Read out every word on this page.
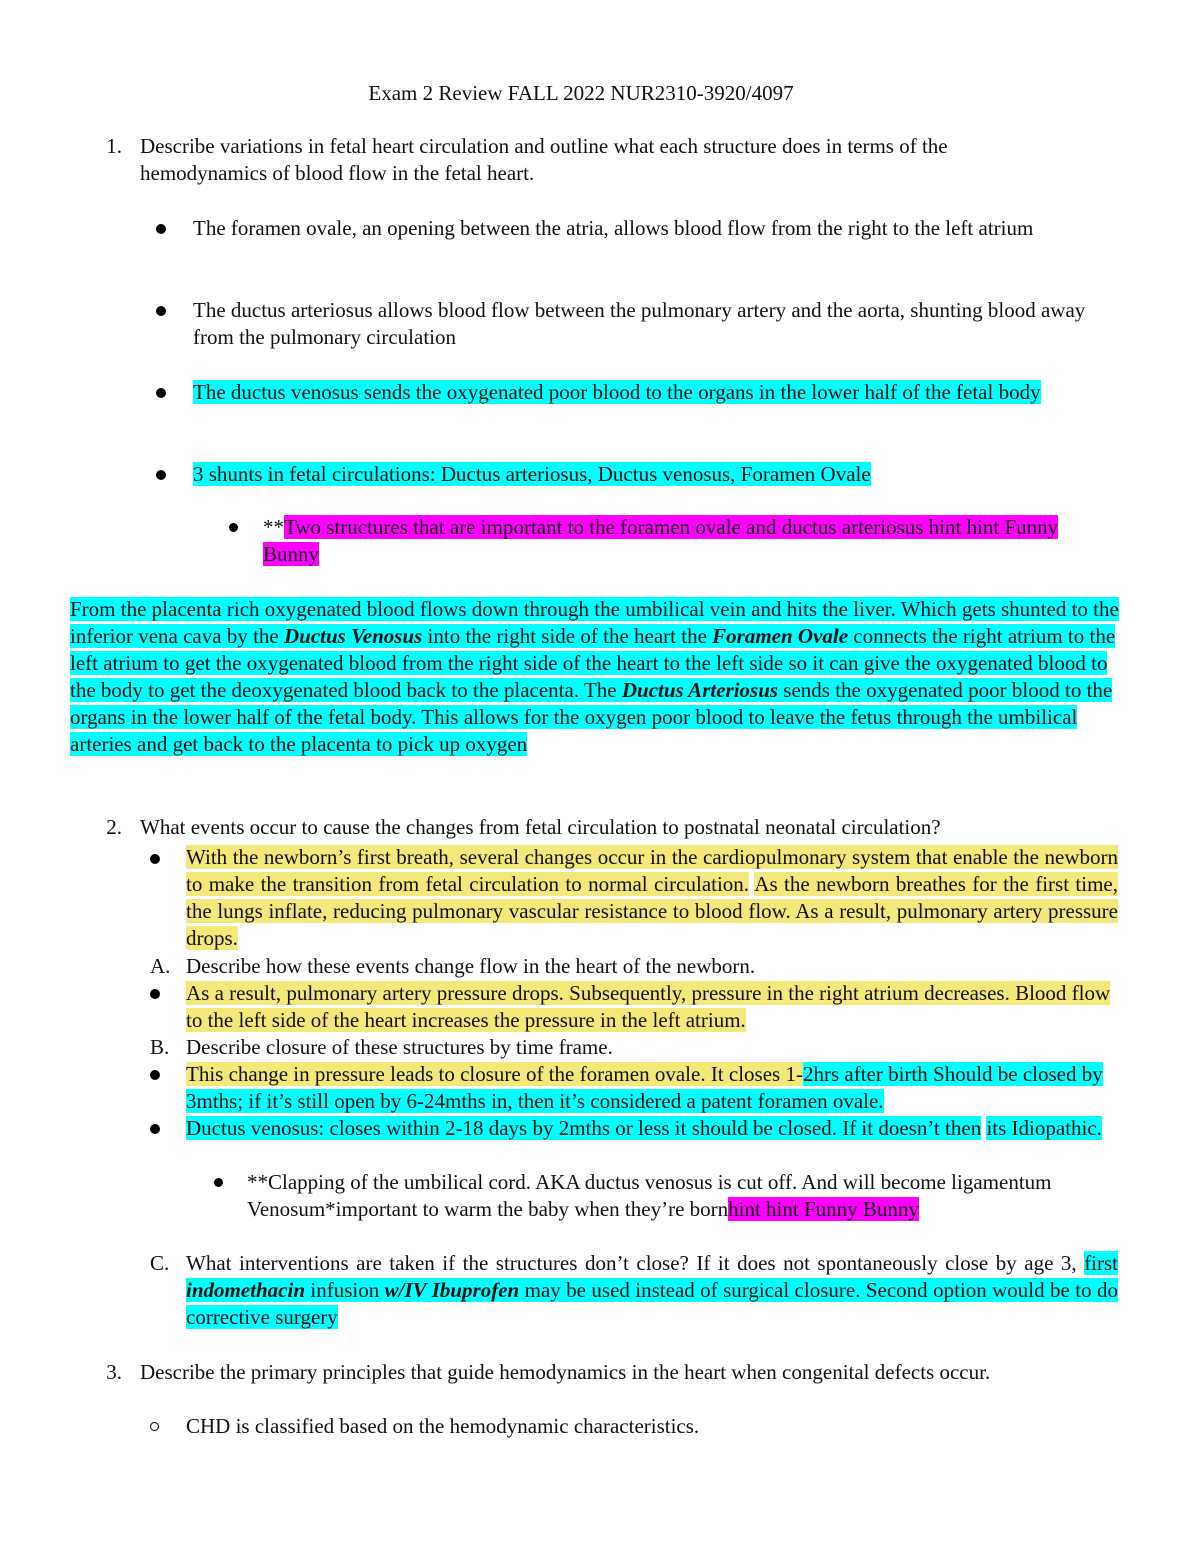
Exam 2 Review FALL 2022 NUR2310-3920/4097
1. Describe variations in fetal heart circulation and outline what each structure does in terms of the hemodynamics of blood flow in the fetal heart.
The foramen ovale, an opening between the atria, allows blood flow from the right to the left atrium
The ductus arteriosus allows blood flow between the pulmonary artery and the aorta, shunting blood away from the pulmonary circulation
The ductus venosus sends the oxygenated poor blood to the organs in the lower half of the fetal body
3 shunts in fetal circulations: Ductus arteriosus, Ductus venosus, Foramen Ovale
**Two structures that are important to the foramen ovale and ductus arteriosus hint hint Funny Bunny
From the placenta rich oxygenated blood flows down through the umbilical vein and hits the liver. Which gets shunted to the inferior vena cava by the Ductus Venosus into the right side of the heart the Foramen Ovale connects the right atrium to the left atrium to get the oxygenated blood from the right side of the heart to the left side so it can give the oxygenated blood to the body to get the deoxygenated blood back to the placenta. The Ductus Arteriosus sends the oxygenated poor blood to the organs in the lower half of the fetal body. This allows for the oxygen poor blood to leave the fetus through the umbilical arteries and get back to the placenta to pick up oxygen
2. What events occur to cause the changes from fetal circulation to postnatal neonatal circulation?
With the newborn’s first breath, several changes occur in the cardiopulmonary system that enable the newborn to make the transition from fetal circulation to normal circulation. As the newborn breathes for the first time, the lungs inflate, reducing pulmonary vascular resistance to blood flow. As a result, pulmonary artery pressure drops.
A. Describe how these events change flow in the heart of the newborn.
As a result, pulmonary artery pressure drops. Subsequently, pressure in the right atrium decreases. Blood flow to the left side of the heart increases the pressure in the left atrium.
B. Describe closure of these structures by time frame.
This change in pressure leads to closure of the foramen ovale. It closes 1-2hrs after birth Should be closed by 3mths; if it’s still open by 6-24mths in, then it’s considered a patent foramen ovale.
Ductus venosus: closes within 2-18 days by 2mths or less it should be closed. If it doesn’t then its Idiopathic.
**Clapping of the umbilical cord. AKA ductus venosus is cut off. And will become ligamentum Venosum*important to warm the baby when they’re bornhint hint Funny Bunny
C. What interventions are taken if the structures don’t close? If it does not spontaneously close by age 3, first indomethacin infusion w/IV Ibuprofen may be used instead of surgical closure. Second option would be to do corrective surgery
3. Describe the primary principles that guide hemodynamics in the heart when congenital defects occur.
CHD is classified based on the hemodynamic characteristics.
